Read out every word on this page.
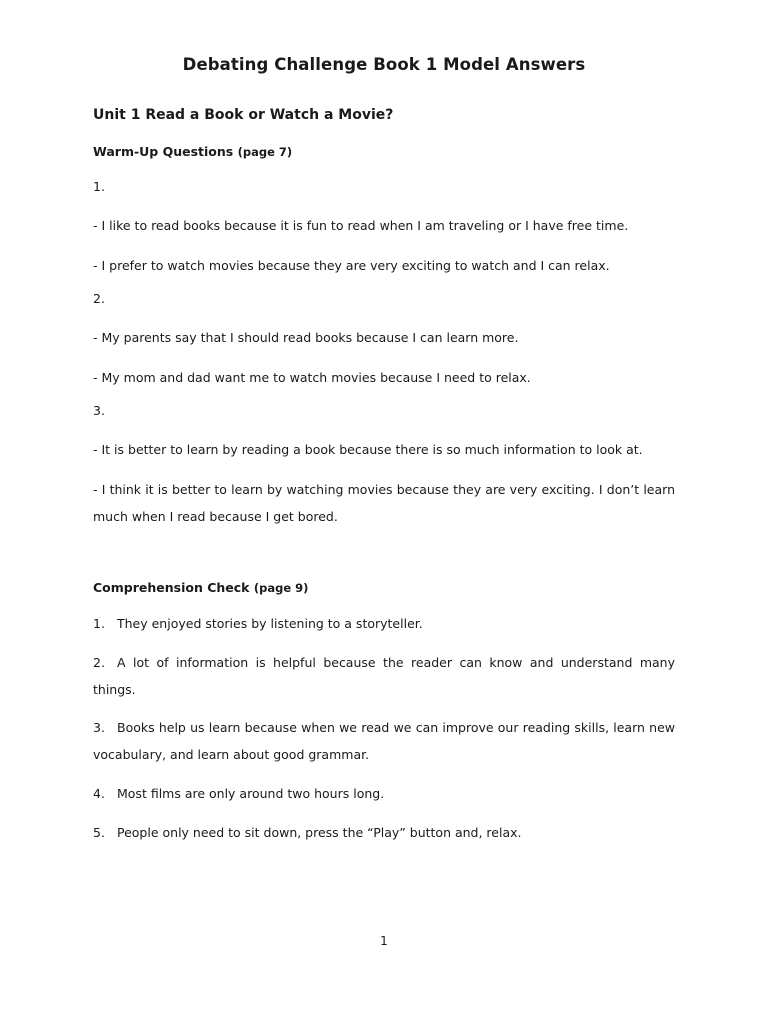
Debating Challenge Book 1 Model Answers
Unit 1 Read a Book or Watch a Movie?
Warm-Up Questions (page 7)
1.
- I like to read books because it is fun to read when I am traveling or I have free time.
- I prefer to watch movies because they are very exciting to watch and I can relax.
2.
- My parents say that I should read books because I can learn more.
- My mom and dad want me to watch movies because I need to relax.
3.
- It is better to learn by reading a book because there is so much information to look at.
- I think it is better to learn by watching movies because they are very exciting. I don’t learn much when I read because I get bored.
Comprehension Check (page 9)
1. They enjoyed stories by listening to a storyteller.
2. A lot of information is helpful because the reader can know and understand many things.
3. Books help us learn because when we read we can improve our reading skills, learn new vocabulary, and learn about good grammar.
4. Most films are only around two hours long.
5. People only need to sit down, press the “Play” button and, relax.
1
